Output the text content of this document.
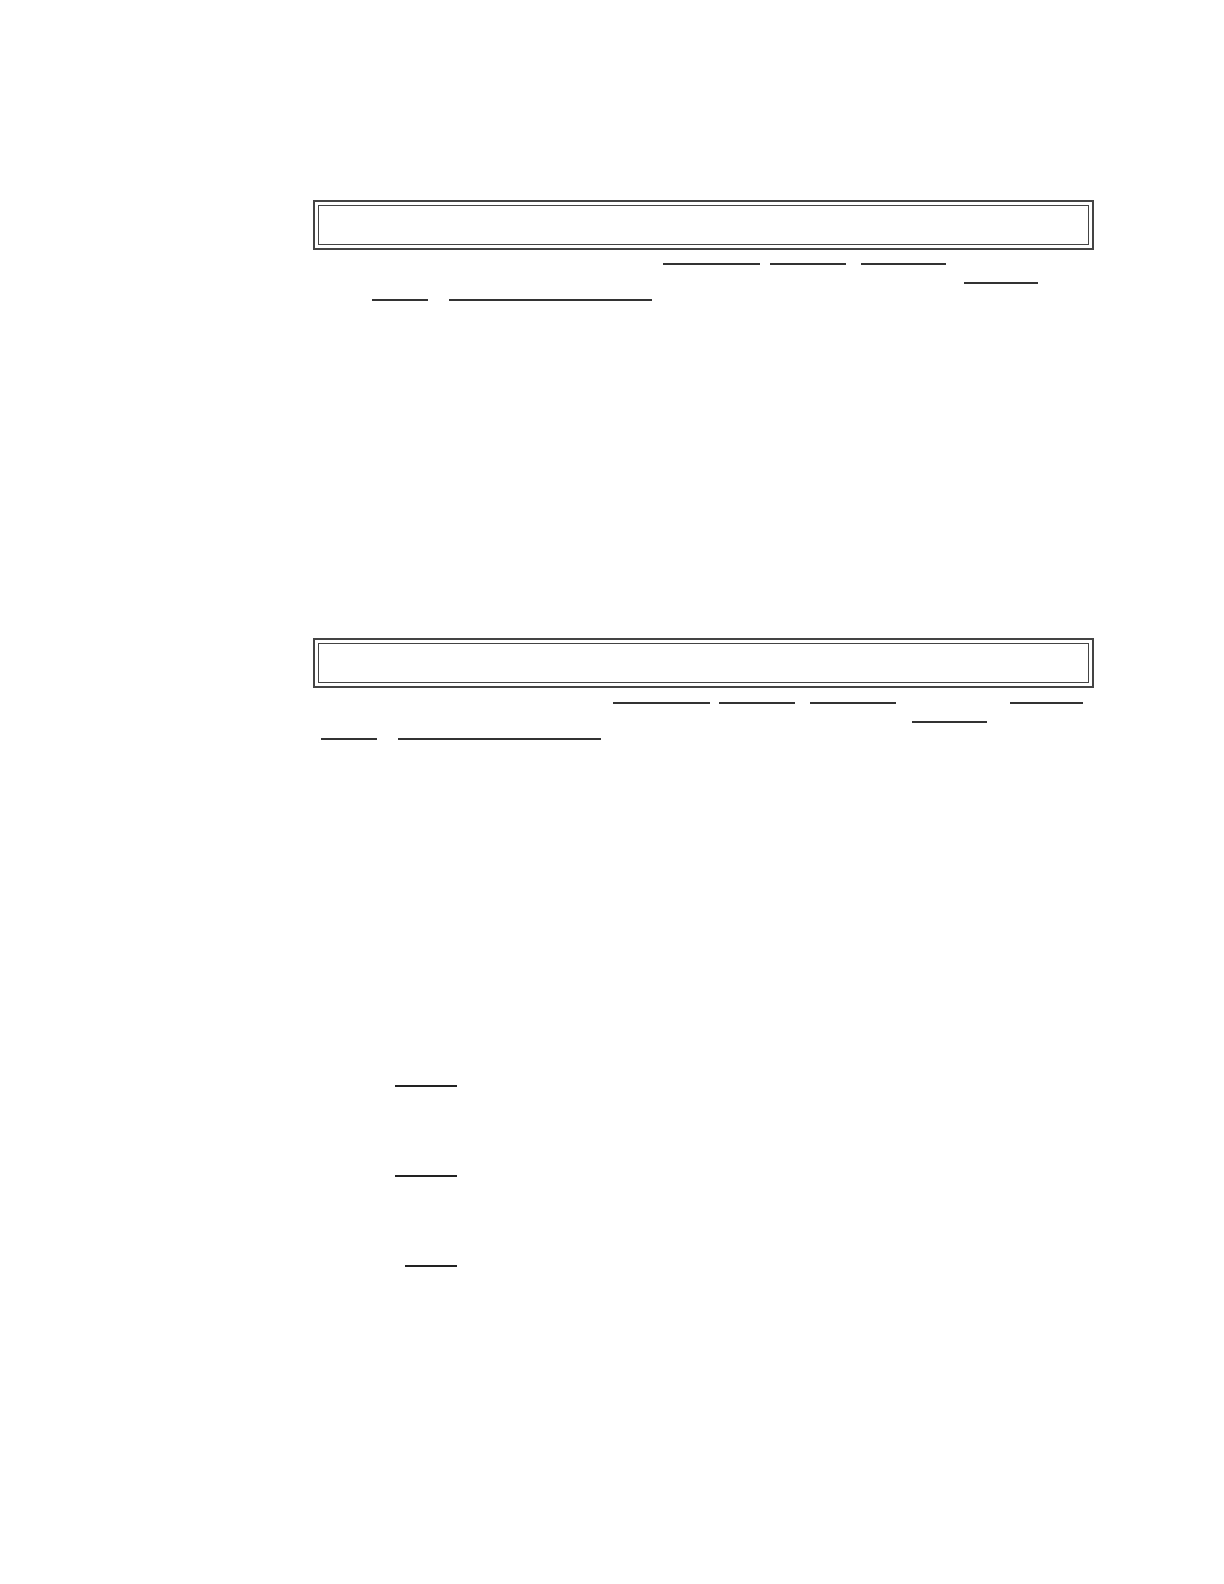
CDJ
